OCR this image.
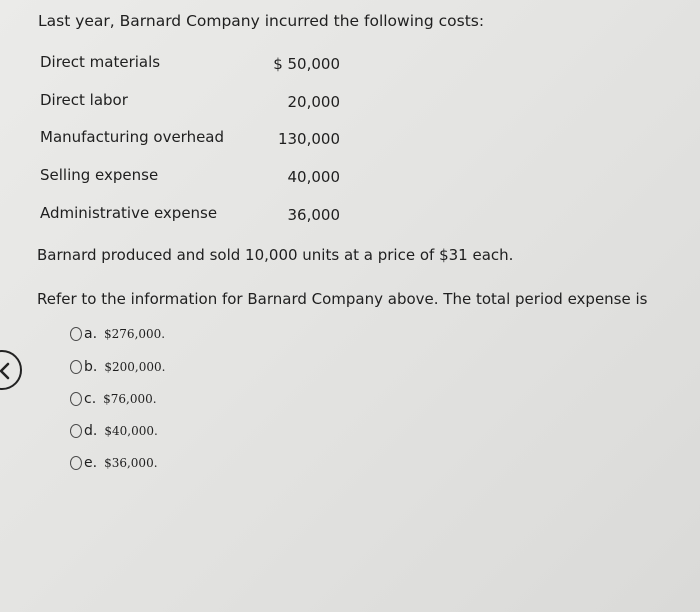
Last year, Barnard Company incurred the following costs:
Direct materials	$ 50,000
Direct labor	20,000
Manufacturing overhead	130,000
Selling expense	40,000
Administrative expense	36,000
Barnard produced and sold 10,000 units at a price of $31 each.
Refer to the information for Barnard Company above. The total period expense is
a. $276,000.
b. $200,000.
c. $76,000.
d. $40,000.
e. $36,000.
